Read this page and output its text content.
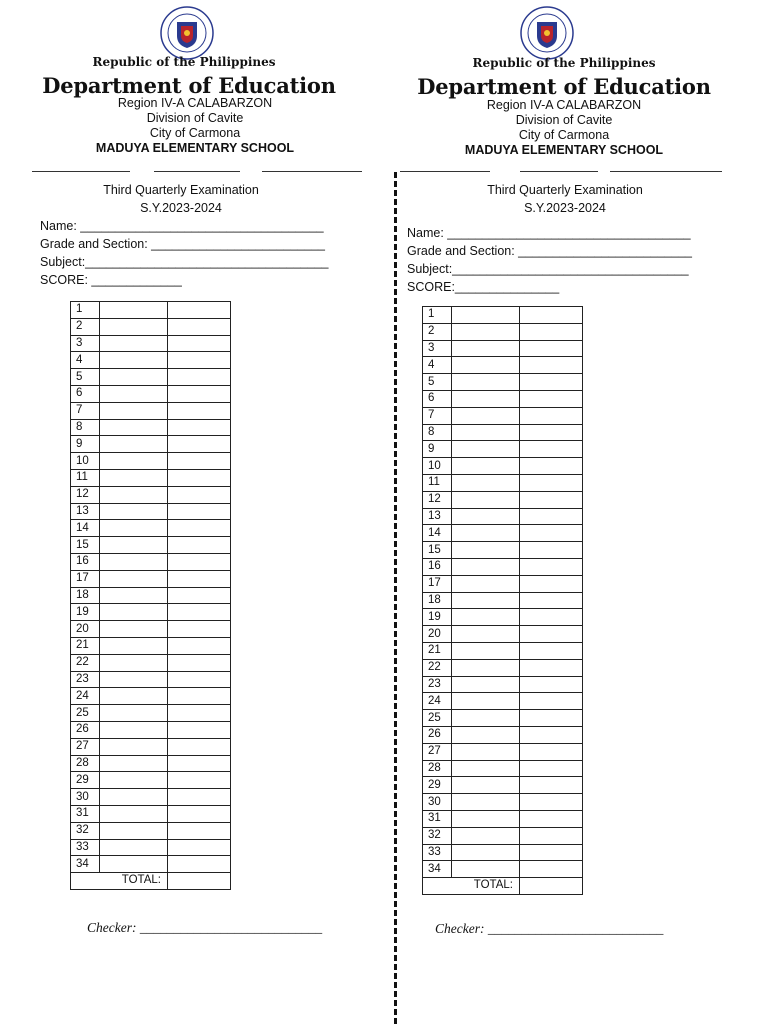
Republic of the Philippines
Department of Education
Region IV-A CALABARZON
Division of Cavite
City of Carmona
MADUYA ELEMENTARY SCHOOL
Third Quarterly Examination
S.Y.2023-2024
Name: ___________________________________
Grade and Section: _________________________
Subject:___________________________________
SCORE: _____________
1		
2		
3		
4		
5		
6		
7		
8		
9		
10		
11		
12		
13		
14		
15		
16		
17		
18		
19		
20		
21		
22		
23		
24		
25		
26		
27		
28		
29		
30		
31		
32		
33		
34		
TOTAL:		
Checker: ___________________________
Republic of the Philippines
Department of Education
Region IV-A CALABARZON
Division of Cavite
City of Carmona
MADUYA ELEMENTARY SCHOOL
Third Quarterly Examination
S.Y.2023-2024
Name: ___________________________________
Grade and Section: _________________________
Subject:__________________________________
SCORE:_______________
1		
2		
3		
4		
5		
6		
7		
8		
9		
10		
11		
12		
13		
14		
15		
16		
17		
18		
19		
20		
21		
22		
23		
24		
25		
26		
27		
28		
29		
30		
31		
32		
33		
34		
TOTAL:		
Checker: __________________________
